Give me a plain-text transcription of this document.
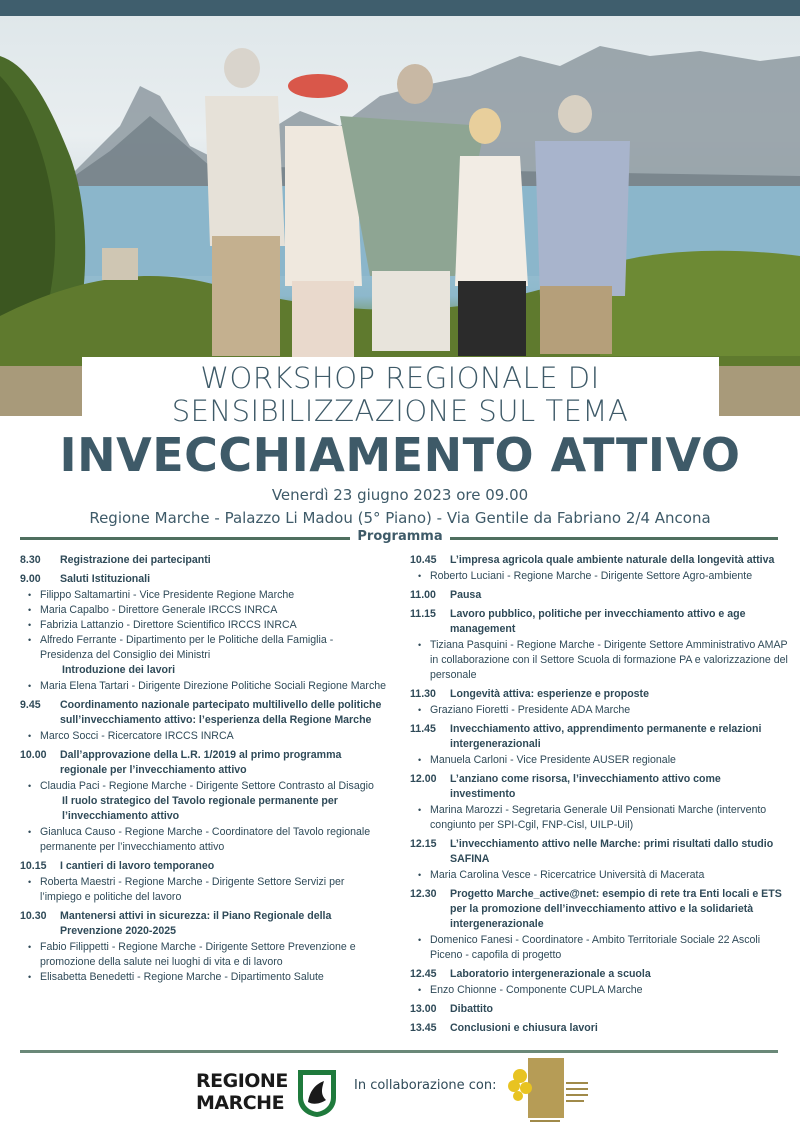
WORKSHOP REGIONALE DI
SENSIBILIZZAZIONE SUL TEMA
INVECCHIAMENTO ATTIVO
Venerdì 23 giugno 2023 ore 09.00
Regione Marche - Palazzo Li Madou (5° Piano) - Via Gentile da Fabriano 2/4 Ancona
Programma
8.30	Registrazione dei partecipanti
9.00	Saluti Istituzionali
• Filippo Saltamartini - Vice Presidente Regione Marche
• Maria Capalbo - Direttore Generale IRCCS INRCA
• Fabrizia Lattanzio - Direttore Scientifico IRCCS INRCA
• Alfredo Ferrante - Dipartimento per le Politiche della Famiglia - Presidenza del Consiglio dei Ministri
Introduzione dei lavori
• Maria Elena Tartari - Dirigente Direzione Politiche Sociali Regione Marche
9.45	Coordinamento nazionale partecipato multilivello delle politiche sull’invecchiamento attivo: l’esperienza della Regione Marche
• Marco Socci - Ricercatore IRCCS INRCA
10.00	Dall’approvazione della L.R. 1/2019 al primo programma regionale per l’invecchiamento attivo
• Claudia Paci - Regione Marche - Dirigente Settore Contrasto al Disagio
Il ruolo strategico del Tavolo regionale permanente per l’invecchiamento attivo
• Gianluca Causo - Regione Marche - Coordinatore del Tavolo regionale permanente per l’invecchiamento attivo
10.15	I cantieri di lavoro temporaneo
• Roberta Maestri - Regione Marche - Dirigente Settore Servizi per l’impiego e politiche del lavoro
10.30	Mantenersi attivi in sicurezza: il Piano Regionale della Prevenzione 2020-2025
• Fabio Filippetti - Regione Marche - Dirigente Settore Prevenzione e promozione della salute nei luoghi di vita e di lavoro
• Elisabetta Benedetti - Regione Marche - Dipartimento Salute
10.45	L’impresa agricola quale ambiente naturale della longevità attiva
• Roberto Luciani - Regione Marche - Dirigente Settore Agro-ambiente
11.00	Pausa
11.15	Lavoro pubblico, politiche per invecchiamento attivo e age management
• Tiziana Pasquini - Regione Marche - Dirigente Settore Amministrativo AMAP in collaborazione con il Settore Scuola di formazione PA e valorizzazione del personale
11.30	Longevità attiva: esperienze e proposte
• Graziano Fioretti - Presidente ADA Marche
11.45	Invecchiamento attivo, apprendimento permanente e relazioni intergenerazionali
• Manuela Carloni - Vice Presidente AUSER regionale
12.00	L’anziano come risorsa, l’invecchiamento attivo come investimento
• Marina Marozzi - Segretaria Generale Uil Pensionati Marche (intervento congiunto per SPI-Cgil, FNP-Cisl, UILP-Uil)
12.15	L’invecchiamento attivo nelle Marche: primi risultati dallo studio SAFINA
• Maria Carolina Vesce - Ricercatrice Università di Macerata
12.30	Progetto Marche_active@net: esempio di rete tra Enti locali e ETS per la promozione dell’invecchiamento attivo e la solidarietà intergenerazionale
• Domenico Fanesi - Coordinatore - Ambito Territoriale Sociale 22 Ascoli Piceno - capofila di progetto
12.45	Laboratorio intergenerazionale a scuola
• Enzo Chionne - Componente CUPLA Marche
13.00	Dibattito
13.45	Conclusioni e chiusura lavori
REGIONE
MARCHE
In collaborazione con:
